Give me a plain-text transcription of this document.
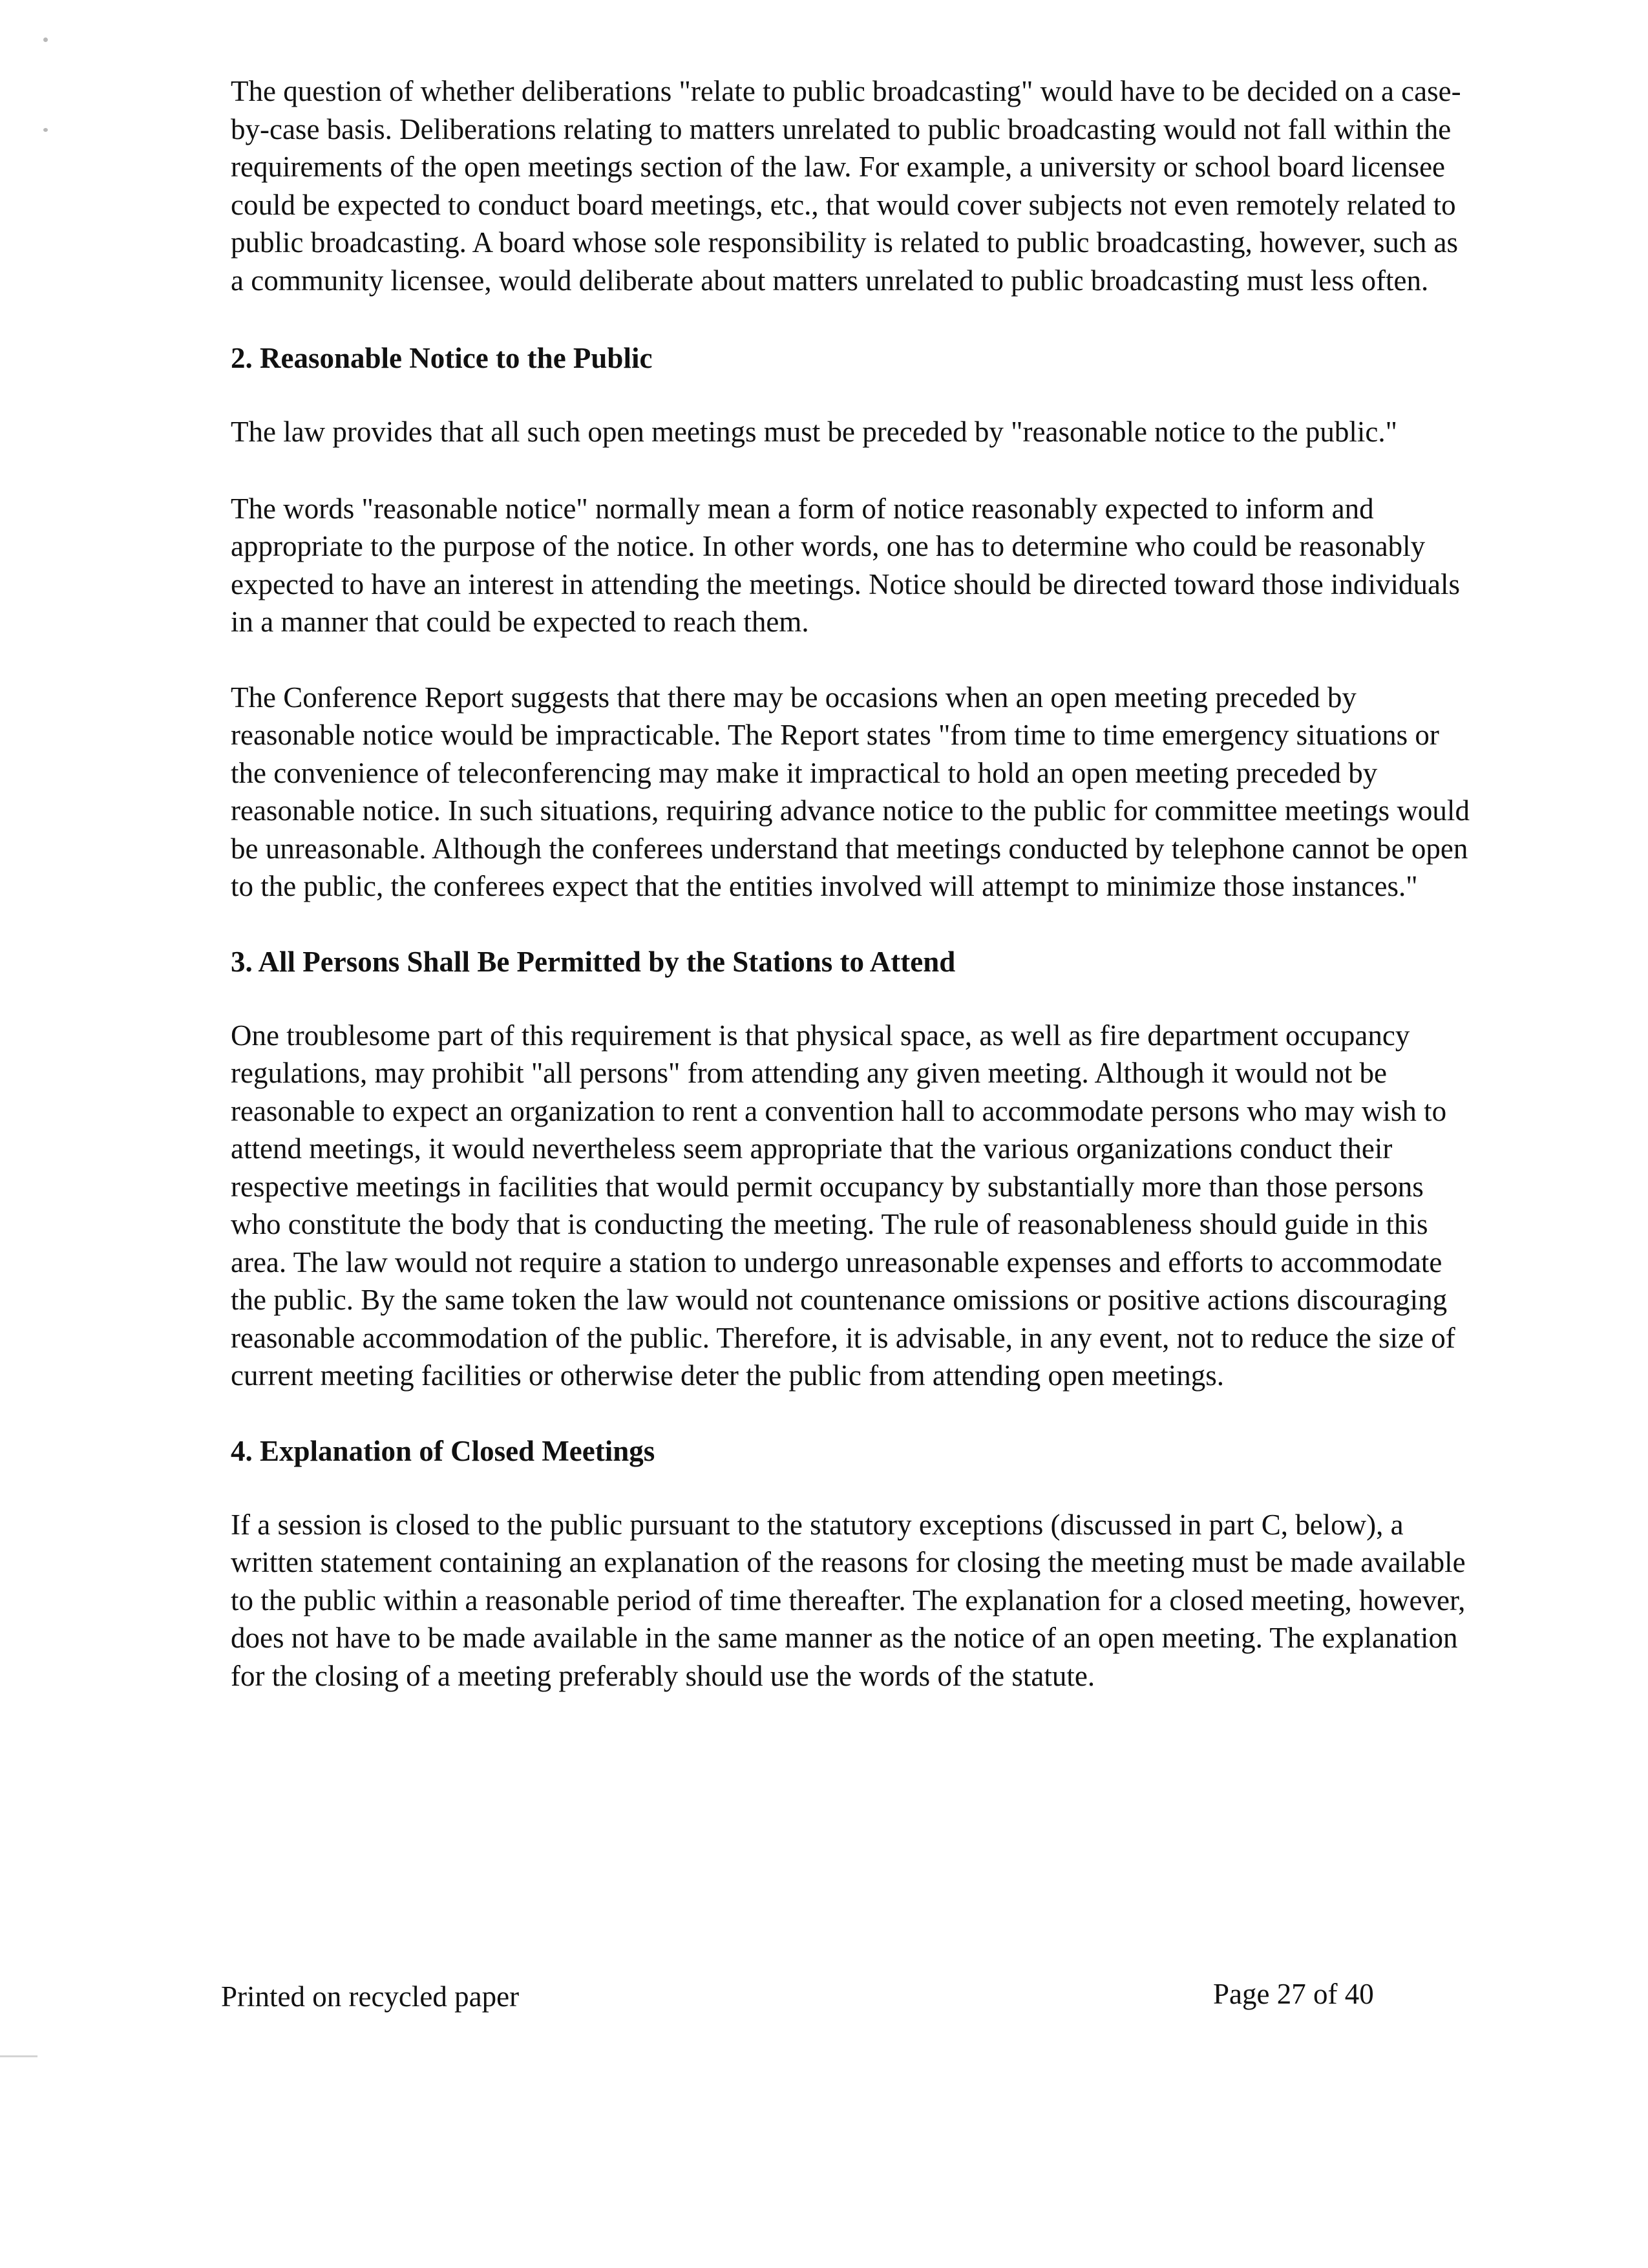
The question of whether deliberations "relate to public broadcasting" would have to be decided on a case-by-case basis. Deliberations relating to matters unrelated to public broadcasting would not fall within the requirements of the open meetings section of the law. For example, a university or school board licensee could be expected to conduct board meetings, etc., that would cover subjects not even remotely related to public broadcasting. A board whose sole responsibility is related to public broadcasting, however, such as a community licensee, would deliberate about matters unrelated to public broadcasting must less often.

2. Reasonable Notice to the Public

The law provides that all such open meetings must be preceded by "reasonable notice to the public."

The words "reasonable notice" normally mean a form of notice reasonably expected to inform and appropriate to the purpose of the notice. In other words, one has to determine who could be reasonably expected to have an interest in attending the meetings. Notice should be directed toward those individuals in a manner that could be expected to reach them.

The Conference Report suggests that there may be occasions when an open meeting preceded by reasonable notice would be impracticable. The Report states "from time to time emergency situations or the convenience of teleconferencing may make it impractical to hold an open meeting preceded by reasonable notice. In such situations, requiring advance notice to the public for committee meetings would be unreasonable. Although the conferees understand that meetings conducted by telephone cannot be open to the public, the conferees expect that the entities involved will attempt to minimize those instances."

3. All Persons Shall Be Permitted by the Stations to Attend

One troublesome part of this requirement is that physical space, as well as fire department occupancy regulations, may prohibit "all persons" from attending any given meeting. Although it would not be reasonable to expect an organization to rent a convention hall to accommodate persons who may wish to attend meetings, it would nevertheless seem appropriate that the various organizations conduct their respective meetings in facilities that would permit occupancy by substantially more than those persons who constitute the body that is conducting the meeting. The rule of reasonableness should guide in this area. The law would not require a station to undergo unreasonable expenses and efforts to accommodate the public. By the same token the law would not countenance omissions or positive actions discouraging reasonable accommodation of the public. Therefore, it is advisable, in any event, not to reduce the size of current meeting facilities or otherwise deter the public from attending open meetings.

4. Explanation of Closed Meetings

If a session is closed to the public pursuant to the statutory exceptions (discussed in part C, below), a written statement containing an explanation of the reasons for closing the meeting must be made available to the public within a reasonable period of time thereafter. The explanation for a closed meeting, however, does not have to be made available in the same manner as the notice of an open meeting. The explanation for the closing of a meeting preferably should use the words of the statute.

Printed on recycled paper	Page 27 of 40
